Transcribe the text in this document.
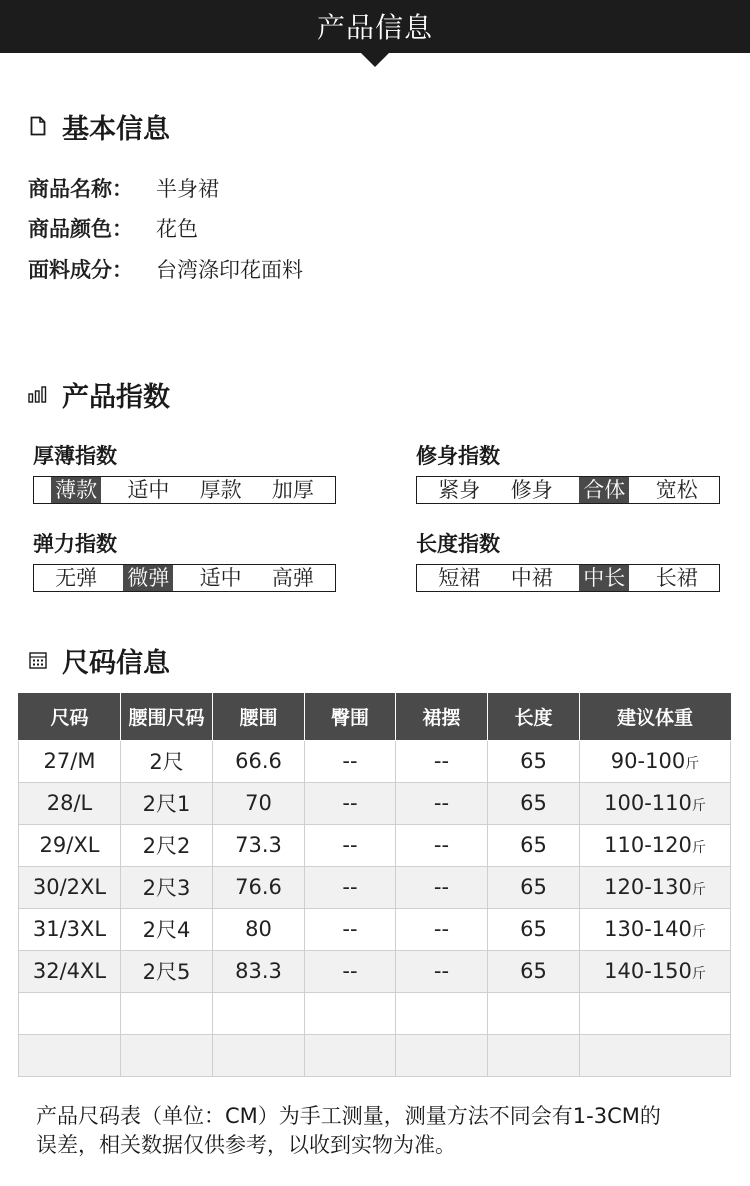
产品信息
基本信息
商品名称：	半身裙
商品颜色：	花色
面料成分：	台湾涤印花面料
产品指数
厚薄指数
薄款 适中 厚款 加厚
修身指数
紧身 修身 合体 宽松
弹力指数
无弹 微弹 适中 高弹
长度指数
短裙 中裙 中长 长裙
尺码信息
尺码	腰围尺码	腰围	臀围	裙摆	长度	建议体重
27/M	2尺	66.6	--	--	65	90-100斤
28/L	2尺1	70	--	--	65	100-110斤
29/XL	2尺2	73.3	--	--	65	110-120斤
30/2XL	2尺3	76.6	--	--	65	120-130斤
31/3XL	2尺4	80	--	--	65	130-140斤
32/4XL	2尺5	83.3	--	--	65	140-150斤

产品尺码表（单位：CM）为手工测量，测量方法不同会有1-3CM的
误差，相关数据仅供参考，以收到实物为准。
